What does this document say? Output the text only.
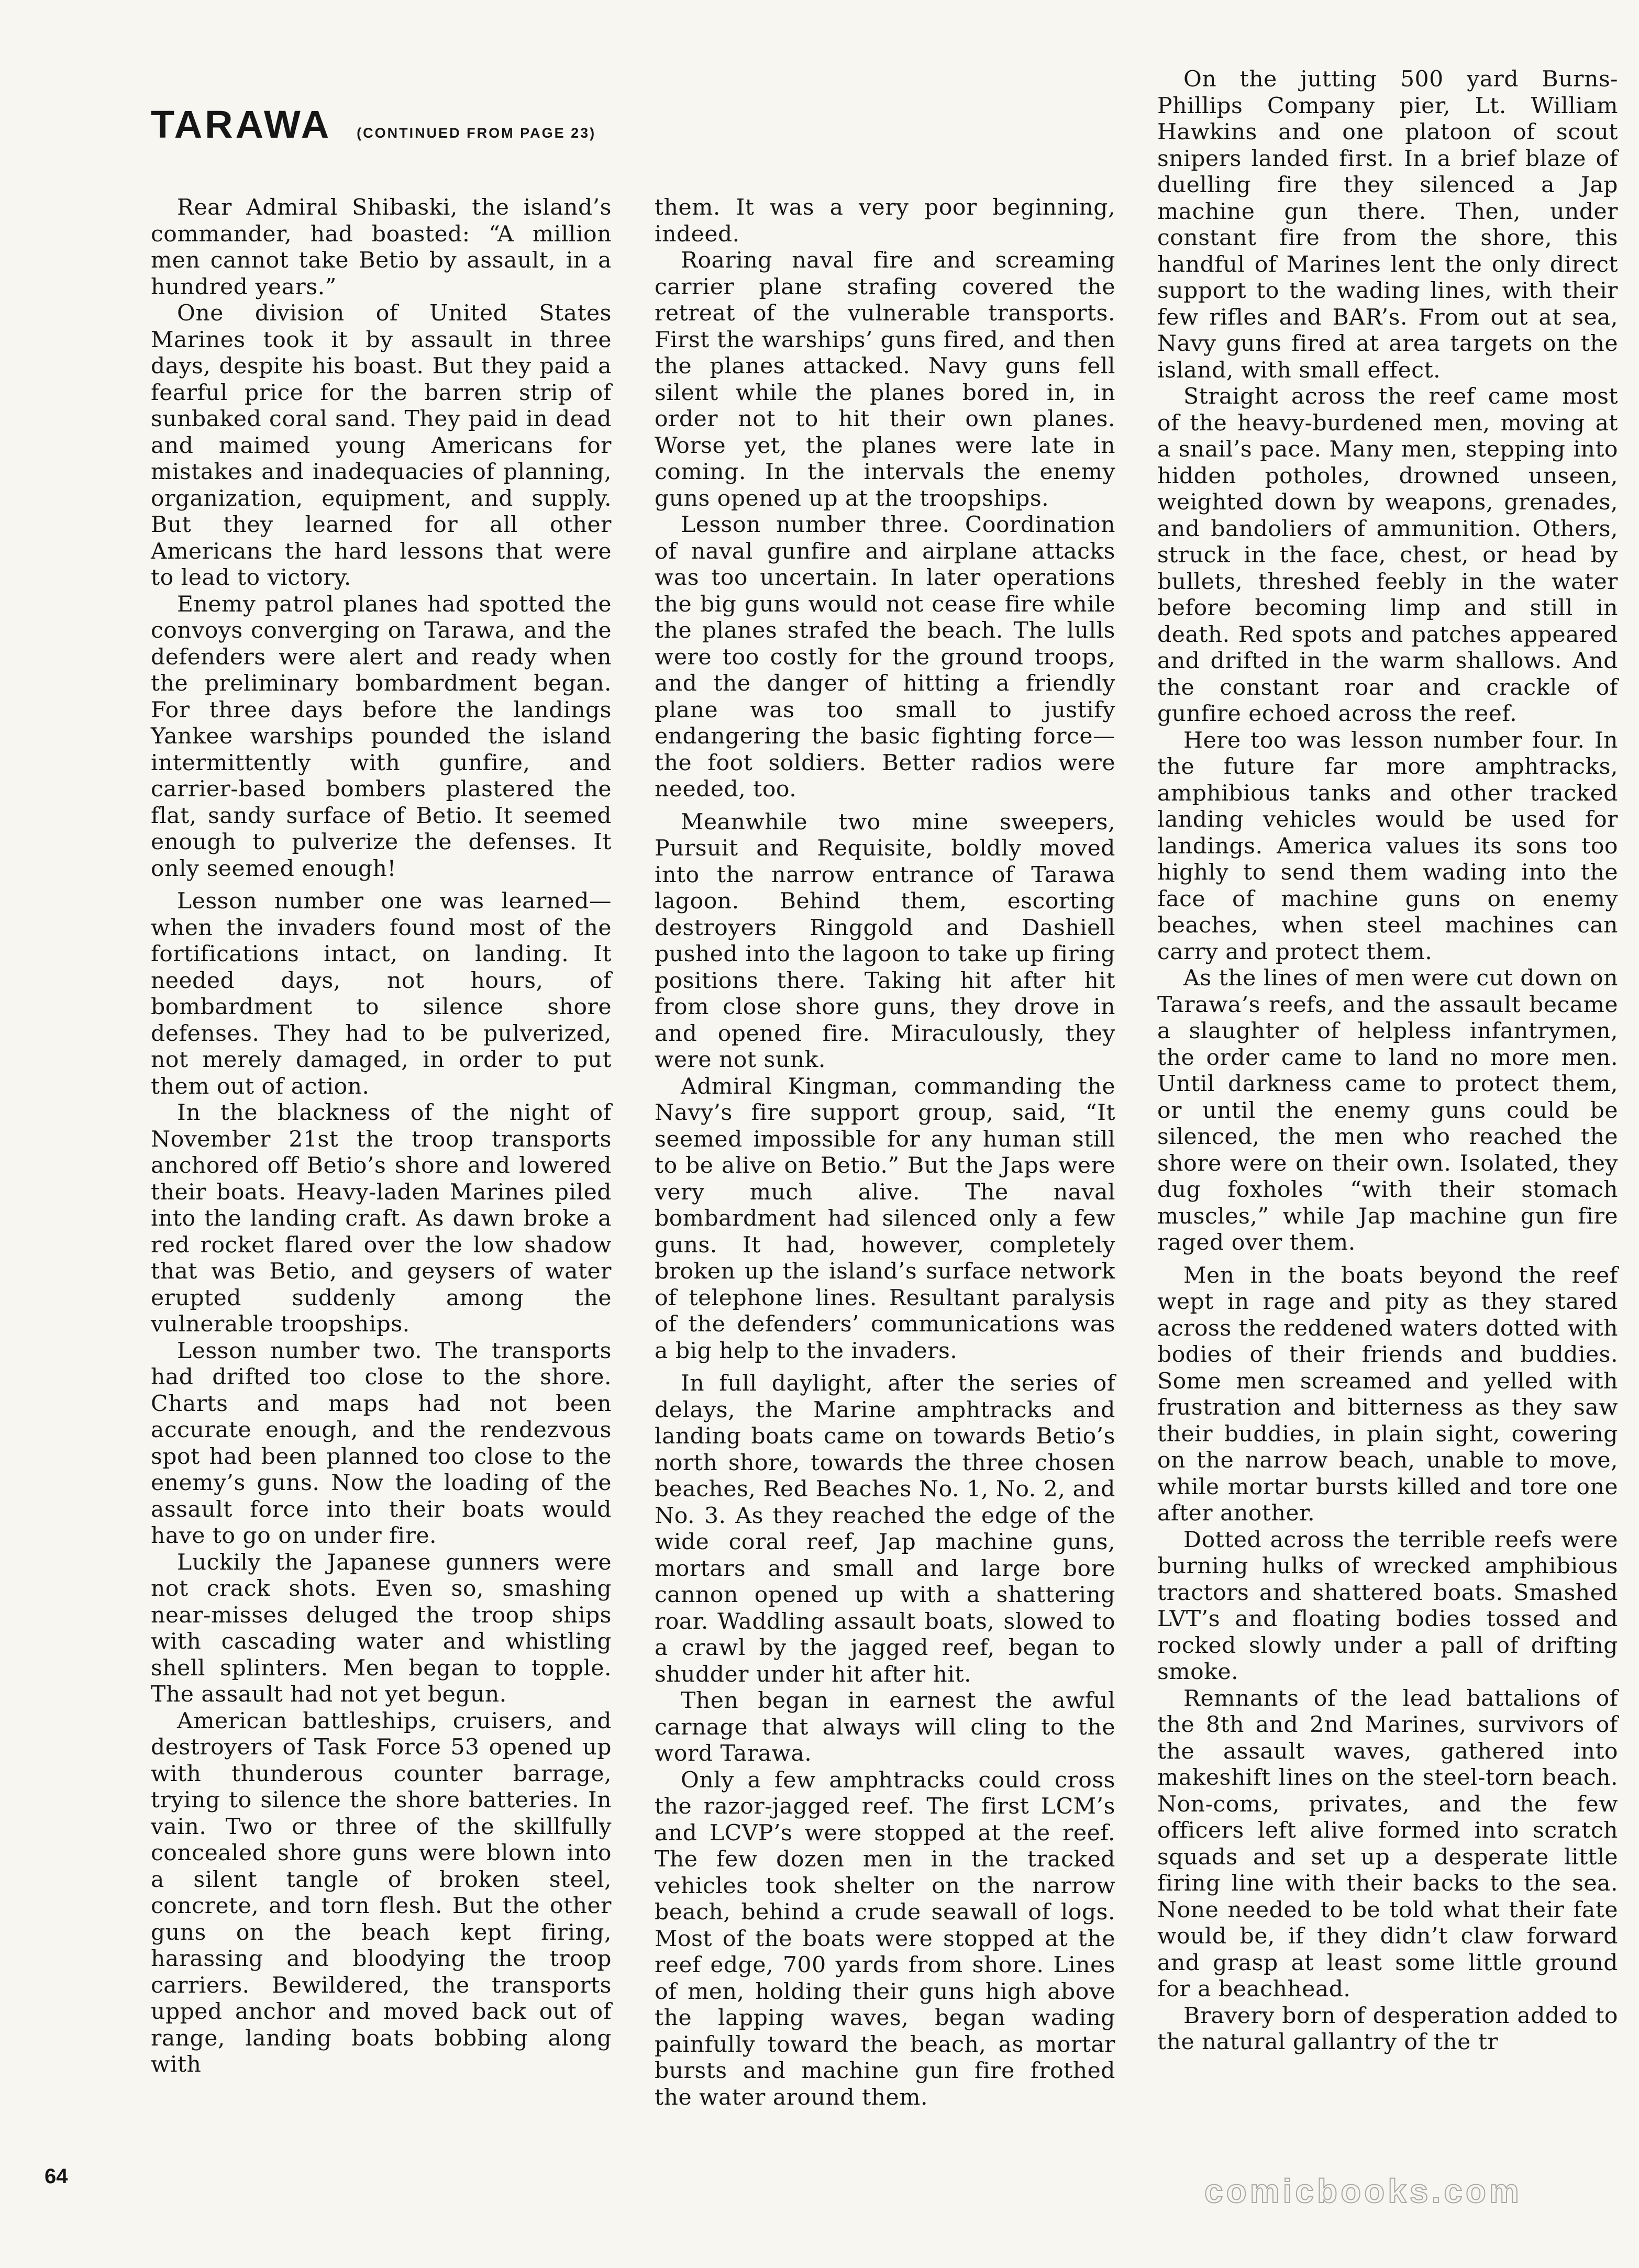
TARAWA (CONTINUED FROM PAGE 23)

Rear Admiral Shibaski, the island’s commander, had boasted: “A million men cannot take Betio by assault, in a hundred years.”

One division of United States Marines took it by assault in three days, despite his boast. But they paid a fearful price for the barren strip of sunbaked coral sand. They paid in dead and maimed young Americans for mistakes and inadequacies of planning, organization, equipment, and supply. But they learned for all other Americans the hard lessons that were to lead to victory.

Enemy patrol planes had spotted the convoys converging on Tarawa, and the defenders were alert and ready when the preliminary bombardment began. For three days before the landings Yankee warships pounded the island intermittently with gunfire, and carrier-based bombers plastered the flat, sandy surface of Betio. It seemed enough to pulverize the defenses. It only seemed enough!

Lesson number one was learned—when the invaders found most of the fortifications intact, on landing. It needed days, not hours, of bombardment to silence shore defenses. They had to be pulverized, not merely damaged, in order to put them out of action.

In the blackness of the night of November 21st the troop transports anchored off Betio’s shore and lowered their boats. Heavy-laden Marines piled into the landing craft. As dawn broke a red rocket flared over the low shadow that was Betio, and geysers of water erupted suddenly among the vulnerable troopships.

Lesson number two. The transports had drifted too close to the shore. Charts and maps had not been accurate enough, and the rendezvous spot had been planned too close to the enemy’s guns. Now the loading of the assault force into their boats would have to go on under fire.

Luckily the Japanese gunners were not crack shots. Even so, smashing near-misses deluged the troop ships with cascading water and whistling shell splinters. Men began to topple. The assault had not yet begun.

American battleships, cruisers, and destroyers of Task Force 53 opened up with thunderous counter barrage, trying to silence the shore batteries. In vain. Two or three of the skillfully concealed shore guns were blown into a silent tangle of broken steel, concrete, and torn flesh. But the other guns on the beach kept firing, harassing and bloodying the troop carriers. Bewildered, the transports upped anchor and moved back out of range, landing boats bobbing along with

them. It was a very poor beginning, indeed.

Roaring naval fire and screaming carrier plane strafing covered the retreat of the vulnerable transports. First the warships’ guns fired, and then the planes attacked. Navy guns fell silent while the planes bored in, in order not to hit their own planes. Worse yet, the planes were late in coming. In the intervals the enemy guns opened up at the troopships.

Lesson number three. Coordination of naval gunfire and airplane attacks was too uncertain. In later operations the big guns would not cease fire while the planes strafed the beach. The lulls were too costly for the ground troops, and the danger of hitting a friendly plane was too small to justify endangering the basic fighting force—the foot soldiers. Better radios were needed, too.

Meanwhile two mine sweepers, Pursuit and Requisite, boldly moved into the narrow entrance of Tarawa lagoon. Behind them, escorting destroyers Ringgold and Dashiell pushed into the lagoon to take up firing positions there. Taking hit after hit from close shore guns, they drove in and opened fire. Miraculously, they were not sunk.

Admiral Kingman, commanding the Navy’s fire support group, said, “It seemed impossible for any human still to be alive on Betio.” But the Japs were very much alive. The naval bombardment had silenced only a few guns. It had, however, completely broken up the island’s surface network of telephone lines. Resultant paralysis of the defenders’ communications was a big help to the invaders.

In full daylight, after the series of delays, the Marine amphtracks and landing boats came on towards Betio’s north shore, towards the three chosen beaches, Red Beaches No. 1, No. 2, and No. 3. As they reached the edge of the wide coral reef, Jap machine guns, mortars and small and large bore cannon opened up with a shattering roar. Waddling assault boats, slowed to a crawl by the jagged reef, began to shudder under hit after hit.

Then began in earnest the awful carnage that always will cling to the word Tarawa.

Only a few amphtracks could cross the razor-jagged reef. The first LCM’s and LCVP’s were stopped at the reef. The few dozen men in the tracked vehicles took shelter on the narrow beach, behind a crude seawall of logs. Most of the boats were stopped at the reef edge, 700 yards from shore. Lines of men, holding their guns high above the lapping waves, began wading painfully toward the beach, as mortar bursts and machine gun fire frothed the water around them.

On the jutting 500 yard Burns-Phillips Company pier, Lt. William Hawkins and one platoon of scout snipers landed first. In a brief blaze of duelling fire they silenced a Jap machine gun there. Then, under constant fire from the shore, this handful of Marines lent the only direct support to the wading lines, with their few rifles and BAR’s. From out at sea, Navy guns fired at area targets on the island, with small effect.

Straight across the reef came most of the heavy-burdened men, moving at a snail’s pace. Many men, stepping into hidden potholes, drowned unseen, weighted down by weapons, grenades, and bandoliers of ammunition. Others, struck in the face, chest, or head by bullets, threshed feebly in the water before becoming limp and still in death. Red spots and patches appeared and drifted in the warm shallows. And the constant roar and crackle of gunfire echoed across the reef.

Here too was lesson number four. In the future far more amphtracks, amphibious tanks and other tracked landing vehicles would be used for landings. America values its sons too highly to send them wading into the face of machine guns on enemy beaches, when steel machines can carry and protect them.

As the lines of men were cut down on Tarawa’s reefs, and the assault became a slaughter of helpless infantrymen, the order came to land no more men. Until darkness came to protect them, or until the enemy guns could be silenced, the men who reached the shore were on their own. Isolated, they dug foxholes “with their stomach muscles,” while Jap machine gun fire raged over them.

Men in the boats beyond the reef wept in rage and pity as they stared across the reddened waters dotted with bodies of their friends and buddies. Some men screamed and yelled with frustration and bitterness as they saw their buddies, in plain sight, cowering on the narrow beach, unable to move, while mortar bursts killed and tore one after another.

Dotted across the terrible reefs were burning hulks of wrecked amphibious tractors and shattered boats. Smashed LVT’s and floating bodies tossed and rocked slowly under a pall of drifting smoke.

Remnants of the lead battalions of the 8th and 2nd Marines, survivors of the assault waves, gathered into makeshift lines on the steel-torn beach. Non-coms, privates, and the few officers left alive formed into scratch squads and set up a desperate little firing line with their backs to the sea. None needed to be told what their fate would be, if they didn’t claw forward and grasp at least some little ground for a beachhead.

Bravery born of desperation added to the natural gallantry of the tr

64	comicbooks.com
